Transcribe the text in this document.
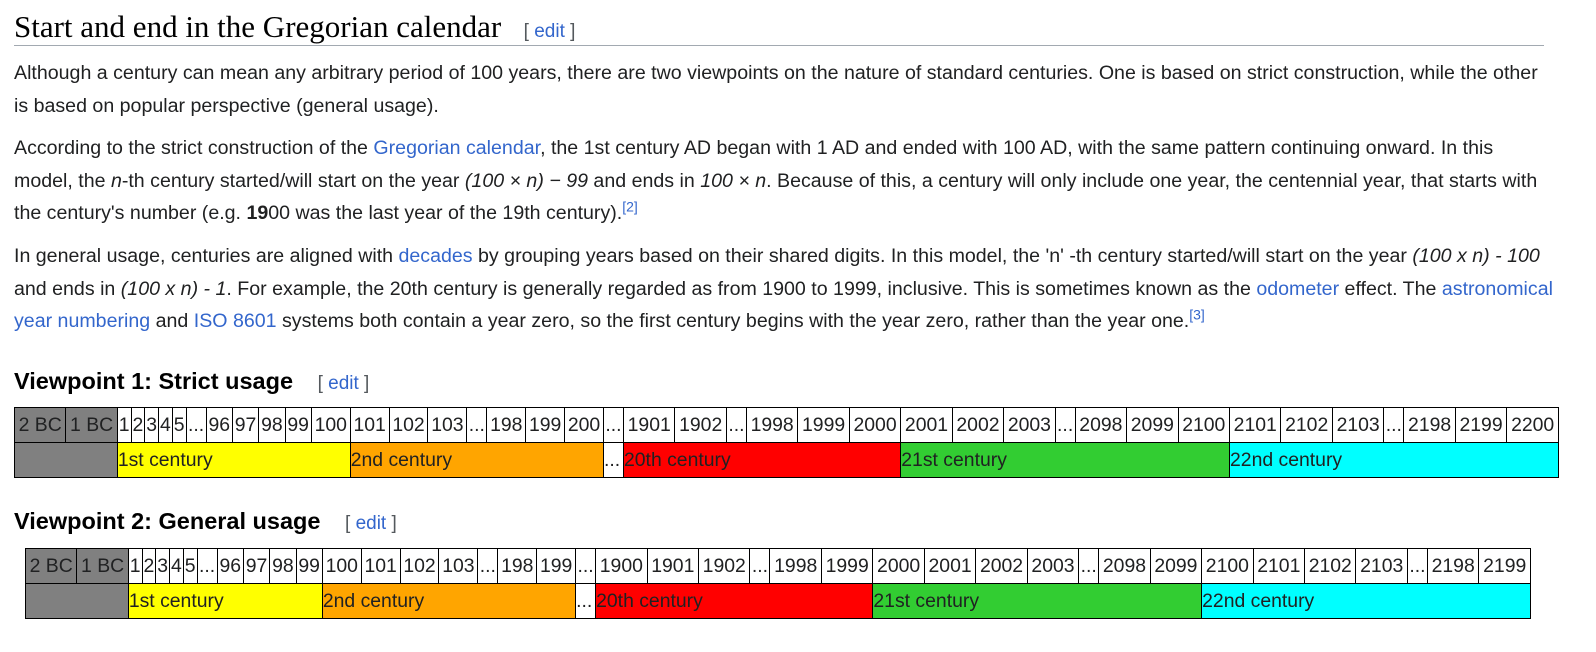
Start and end in the Gregorian calendar [ edit ]

Although a century can mean any arbitrary period of 100 years, there are two viewpoints on the nature of standard centuries. One is based on strict construction, while the other is based on popular perspective (general usage).

According to the strict construction of the Gregorian calendar, the 1st century AD began with 1 AD and ended with 100 AD, with the same pattern continuing onward. In this model, the n-th century started/will start on the year (100 × n) − 99 and ends in 100 × n. Because of this, a century will only include one year, the centennial year, that starts with the century's number (e.g. 1900 was the last year of the 19th century).[2]

In general usage, centuries are aligned with decades by grouping years based on their shared digits. In this model, the 'n' -th century started/will start on the year (100 x n) - 100 and ends in (100 x n) - 1. For example, the 20th century is generally regarded as from 1900 to 1999, inclusive. This is sometimes known as the odometer effect. The astronomical year numbering and ISO 8601 systems both contain a year zero, so the first century begins with the year zero, rather than the year one.[3]

Viewpoint 1: Strict usage [ edit ]
2 BC	1 BC	1	2	3	4	5	...	96	97	98	99	100	101	102	103	...	198	199	200	...	1901	1902	...	1998	1999	2000	2001	2002	2003	...	2098	2099	2100	2101	2102	2103	...	2198	2199	2200
		1st century											2nd century							...	20th century						21st century							22nd century						
Viewpoint 2: General usage [ edit ]
2 BC	1 BC	1	2	3	4	5	...	96	97	98	99	100	101	102	103	...	198	199	...	1900	1901	1902	...	1998	1999	2000	2001	2002	2003	...	2098	2099	2100	2101	2102	2103	...	2198	2199
		1st century										2nd century							...	20th century						21st century							22nd century						
